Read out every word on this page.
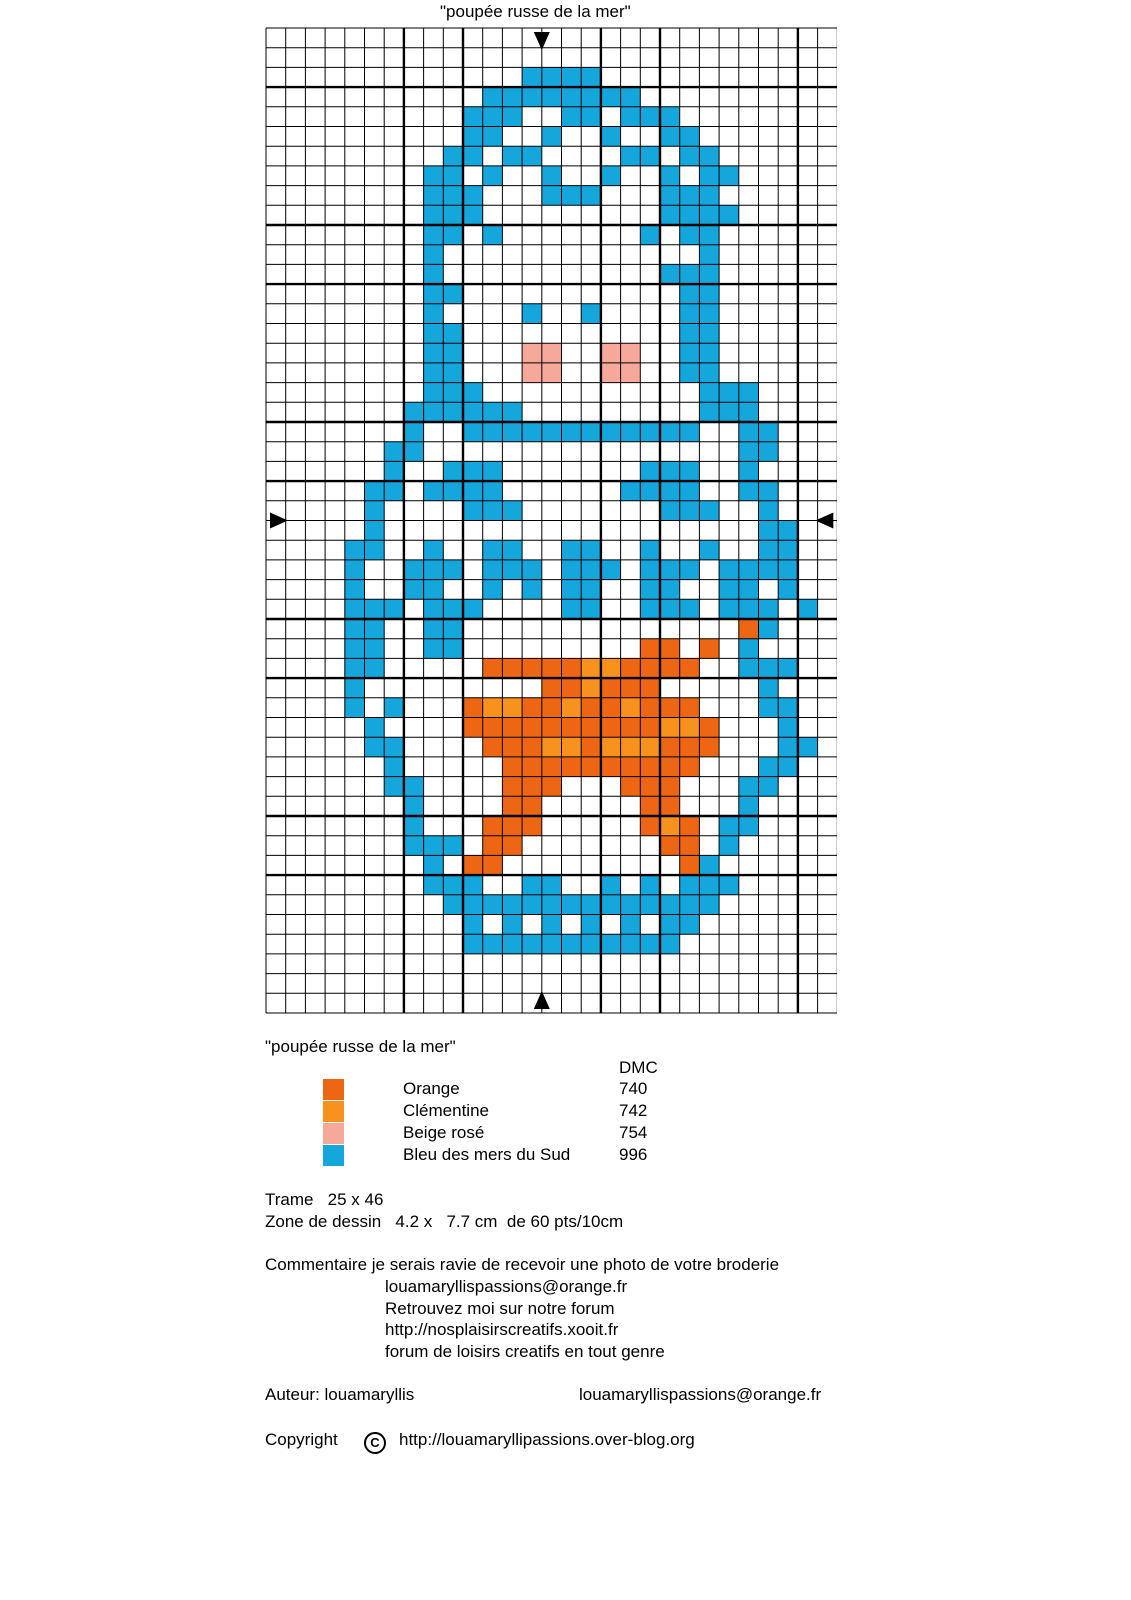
"poupée russe de la mer"
"poupée russe de la mer"
DMC
Orange	740
Clémentine	742
Beige rosé	754
Bleu des mers du Sud	996
Trame   25 x 46
Zone de dessin   4.2 x   7.7 cm  de 60 pts/10cm
Commentaire je serais ravie de recevoir une photo de votre broderie
louamaryllispassions@orange.fr
Retrouvez moi sur notre forum
http://nosplaisirscreatifs.xooit.fr
forum de loisirs creatifs en tout genre
Auteur: louamaryllis	louamaryllispassions@orange.fr
Copyright	C	http://louamaryllipassions.over-blog.org
